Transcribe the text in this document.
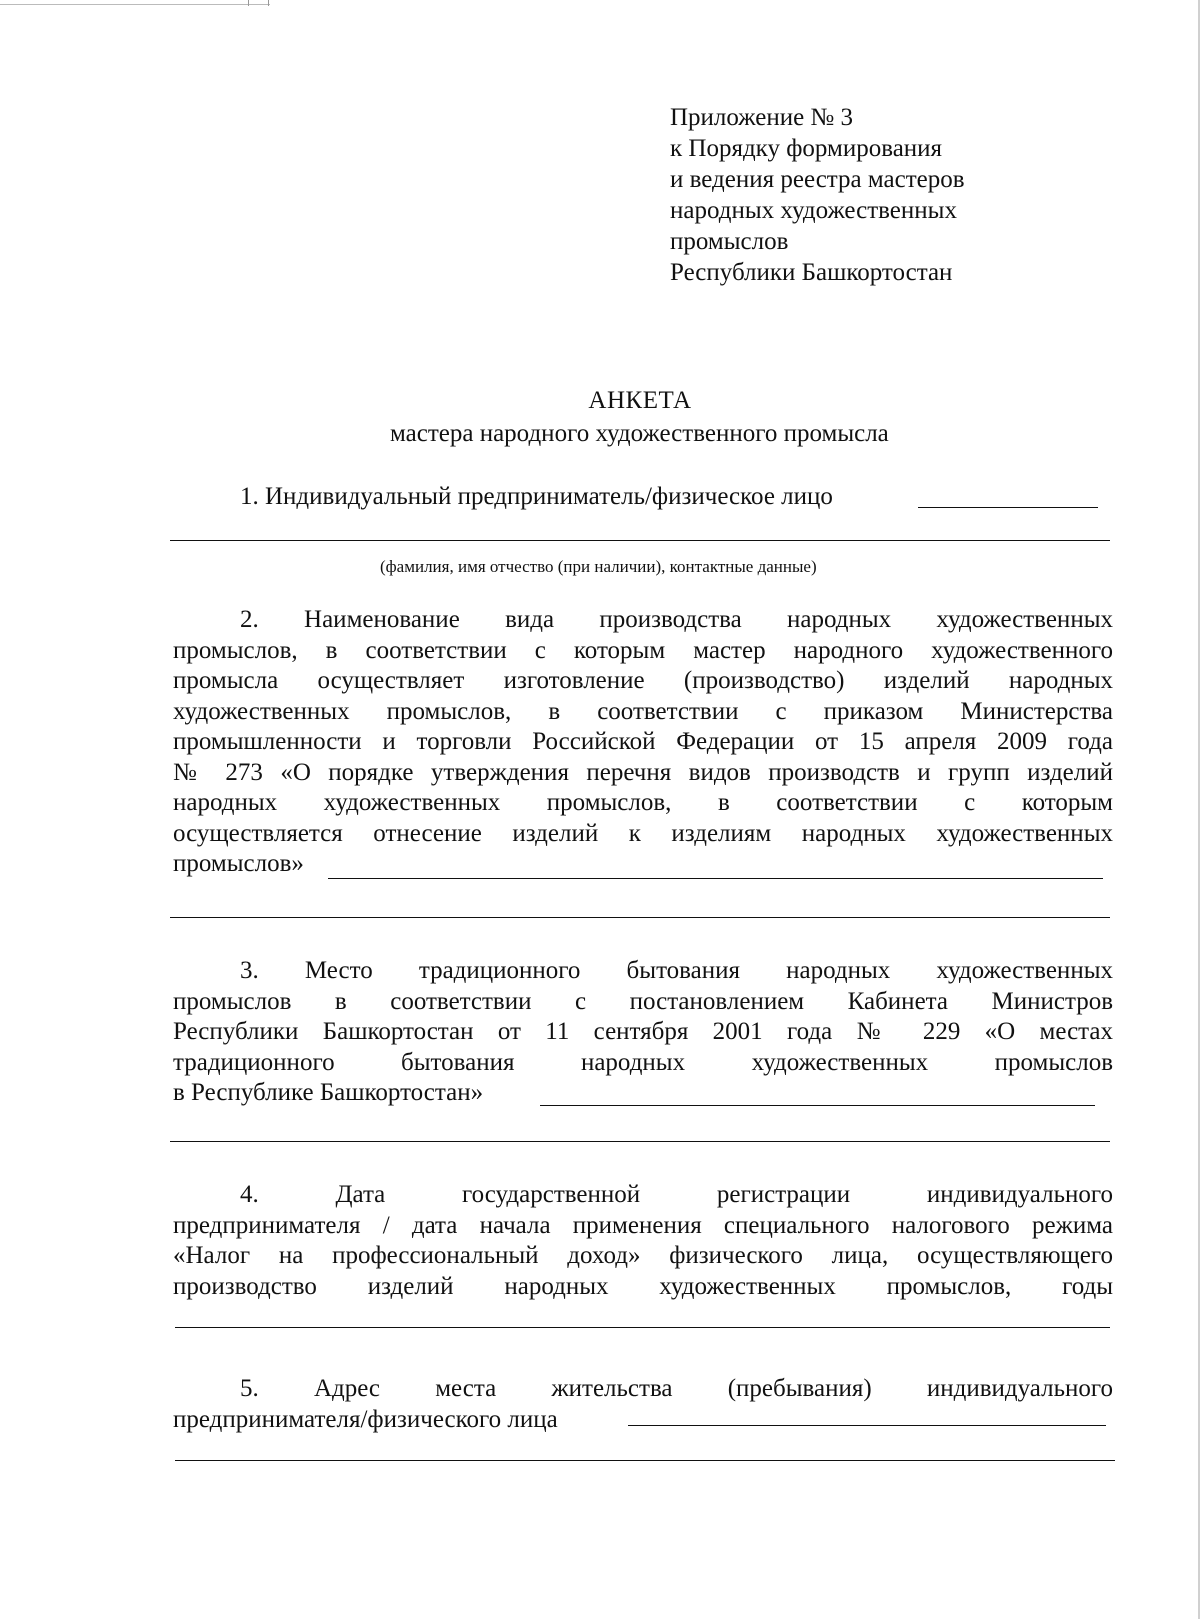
Приложение № 3
к Порядку формирования
и ведения реестра мастеров
народных художественных
промыслов
Республики Башкортостан
АНКЕТА
мастера народного художественного промысла
1. Индивидуальный предприниматель/физическое лицо
(фамилия, имя отчество (при наличии), контактные данные)
2. Наименование вида производства народных художественных
промыслов, в соответствии с которым мастер народного художественного
промысла осуществляет изготовление (производство) изделий народных
художественных промыслов, в соответствии с приказом Министерства
промышленности и торговли Российской Федерации от 15 апреля 2009 года
№ 273 «О порядке утверждения перечня видов производств и групп изделий
народных художественных промыслов, в соответствии с которым
осуществляется отнесение изделий к изделиям народных художественных
промыслов»
3. Место традиционного бытования народных художественных
промыслов в соответствии с постановлением Кабинета Министров
Республики Башкортостан от 11 сентября 2001 года № 229 «О местах
традиционного бытования народных художественных промыслов
в Республике Башкортостан»
4. Дата государственной регистрации индивидуального
предпринимателя / дата начала применения специального налогового режима
«Налог на профессиональный доход» физического лица, осуществляющего
производство изделий народных художественных промыслов, годы
5. Адрес места жительства (пребывания) индивидуального
предпринимателя/физического лица
